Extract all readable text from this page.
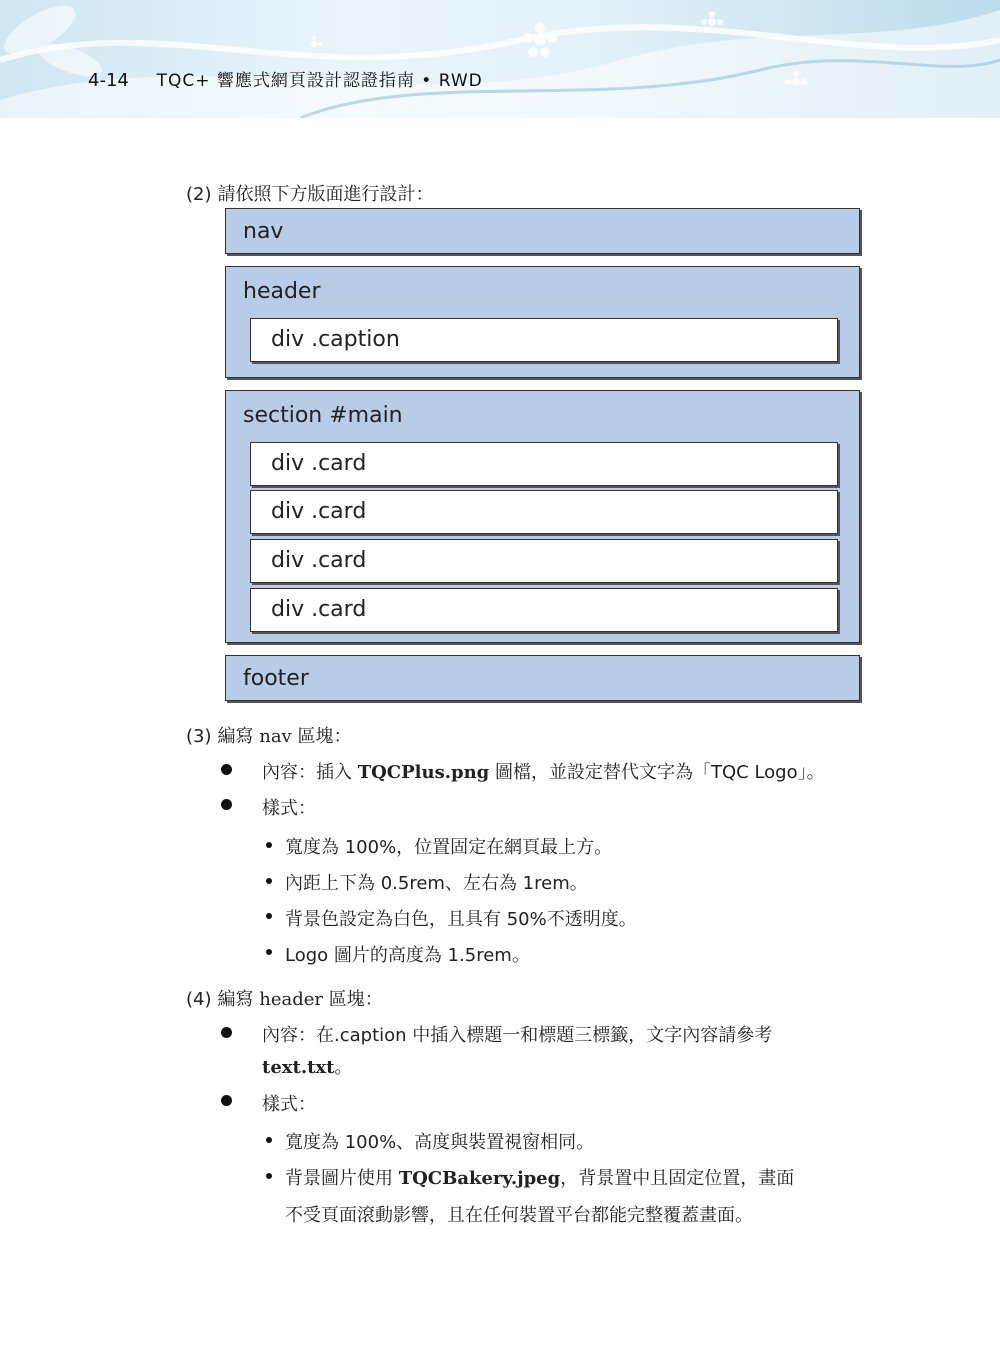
4-14 TQC+ 響應式網頁設計認證指南 • RWD
(2) 請依照下方版面進行設計：
nav
header
div .caption
section #main
div .card
div .card
div .card
div .card
footer
(3) 編寫 nav 區塊：
內容：插入 TQCPlus.png 圖檔，並設定替代文字為「TQC Logo」。
樣式：
寬度為 100%，位置固定在網頁最上方。
內距上下為 0.5rem、左右為 1rem。
背景色設定為白色，且具有 50%不透明度。
Logo 圖片的高度為 1.5rem。
(4) 編寫 header 區塊：
內容：在.caption 中插入標題一和標題三標籤，文字內容請參考
text.txt。
樣式：
寬度為 100%、高度與裝置視窗相同。
背景圖片使用 TQCBakery.jpeg，背景置中且固定位置，畫面
不受頁面滾動影響，且在任何裝置平台都能完整覆蓋畫面。
